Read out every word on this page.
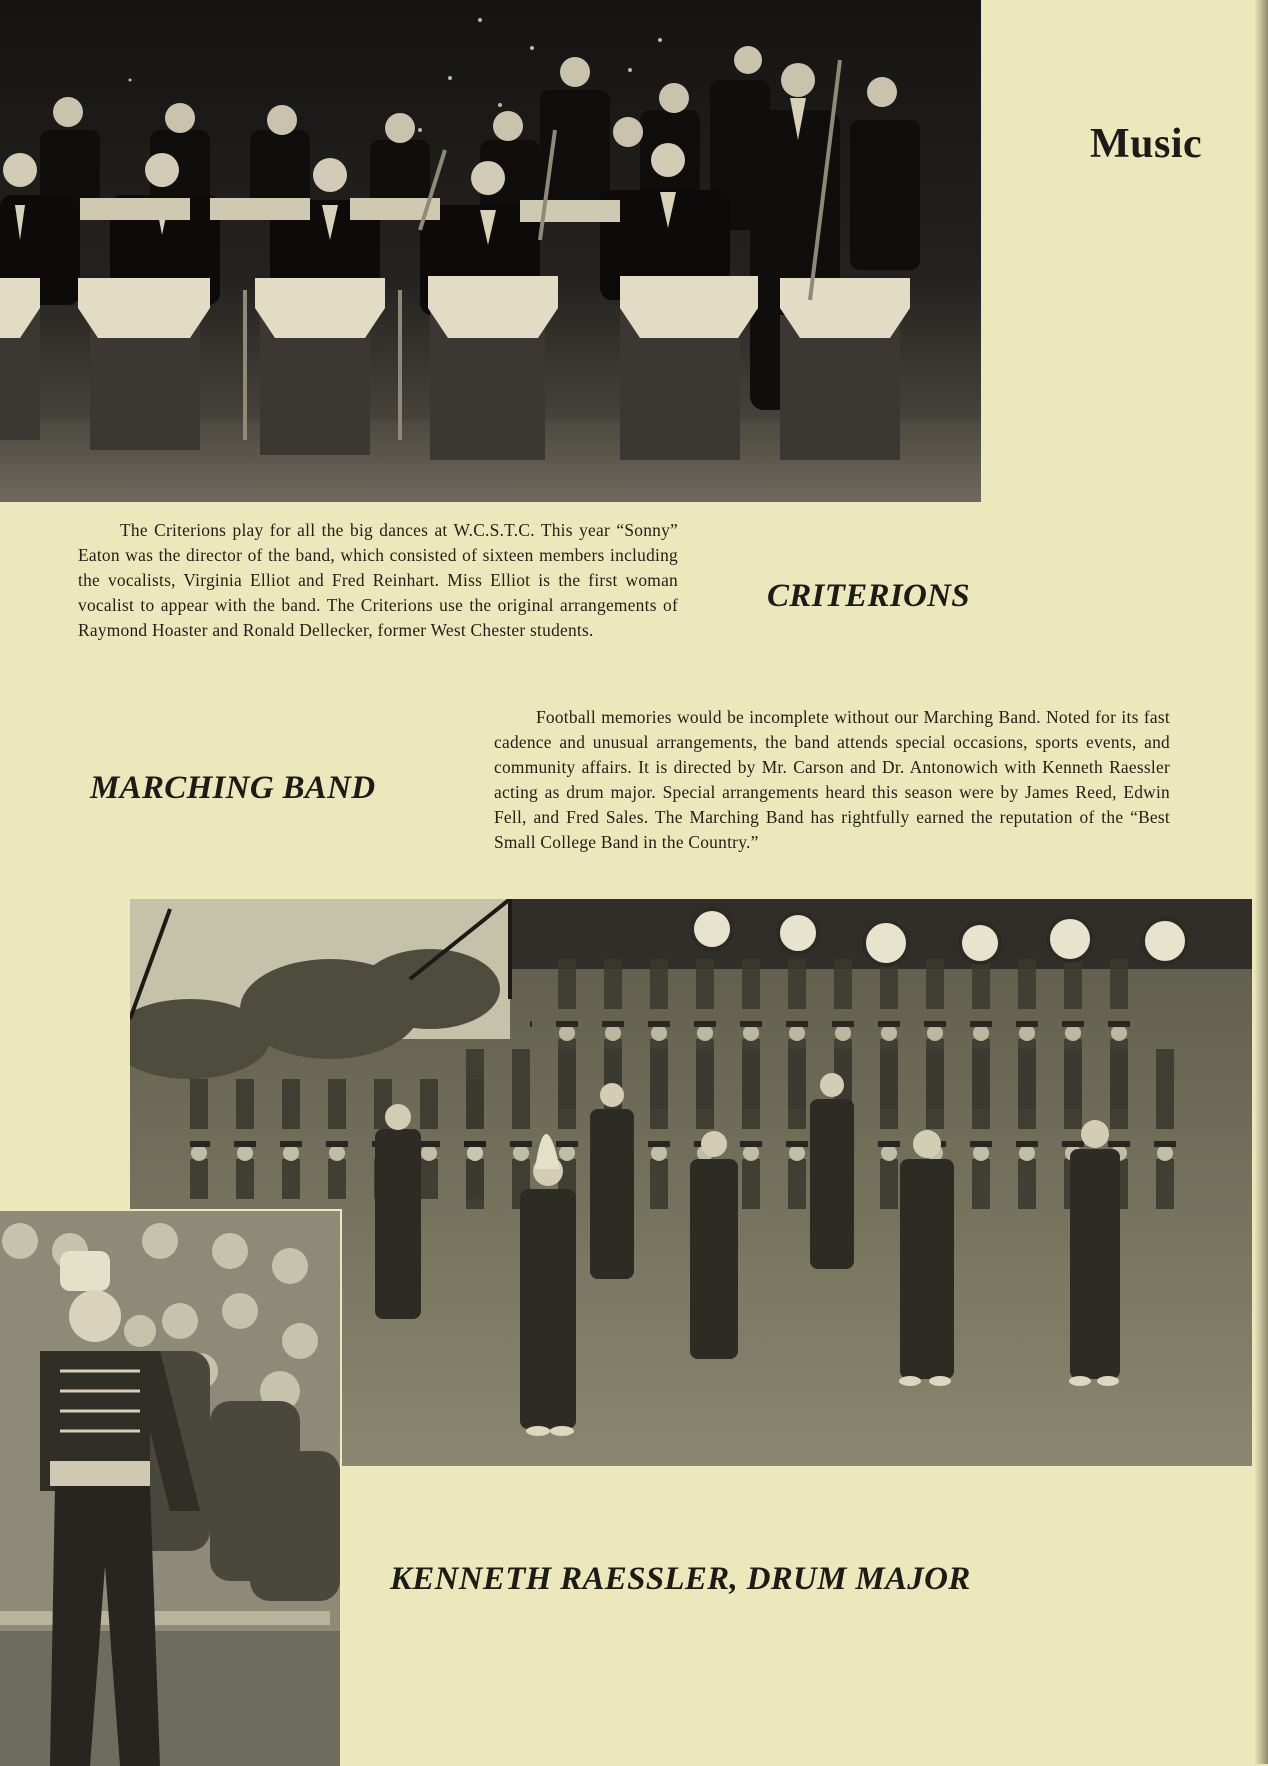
Music
The Criterions play for all the big dances at W.C.S.T.C. This year “Sonny” Eaton was the director of the band, which consisted of sixteen members including the vocalists, Virginia Elliot and Fred Reinhart. Miss Elliot is the first woman vocalist to appear with the band. The Criterions use the original arrangements of Raymond Hoaster and Ronald Dellecker, former West Chester students.
CRITERIONS
MARCHING BAND
Football memories would be incomplete without our Marching Band. Noted for its fast cadence and unusual arrangements, the band attends special occasions, sports events, and community affairs. It is directed by Mr. Carson and Dr. Antonowich with Kenneth Raessler acting as drum major. Special arrangements heard this season were by James Reed, Edwin Fell, and Fred Sales. The Marching Band has rightfully earned the reputation of the “Best Small College Band in the Country.”
KENNETH RAESSLER, DRUM MAJOR
